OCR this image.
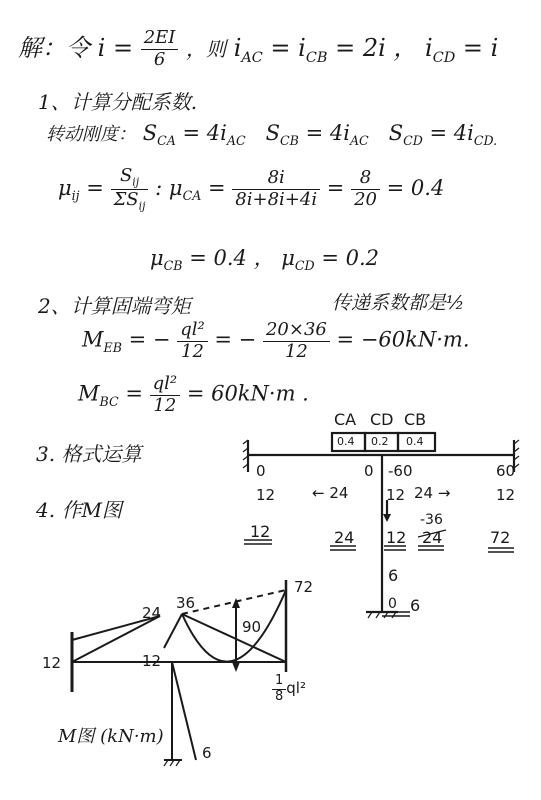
解：令 $i = \frac{2EI}{6}$ ，则 $i_{AC} = i_{CB} = 2i$ ， $i_{CD} = i$
1、计算分配系数.
转动刚度： $S_{CA} = 4i_{AC}$ $S_{CB} = 4i_{AC}$ $S_{CD} = 4i_{CD.}$
$\mu_{ij} = \frac{S_{ij}}{\Sigma S_{ij}}$ : $\mu_{CA} = \frac{8i}{8i+8i+4i} = \frac{8}{20} = 0.4$
$\mu_{CB} = 0.4$ ， $\mu_{CD} = 0.2$
2、计算固端弯矩	传递系数都是½
$M_{EB}$ = − $\frac{\text{ql²}}{12}$ = − $\frac{20\times 36}{12} = -60kN\cdot m$.
$M_{BC} = \frac{\text{ql²}}{12} = 60kN\cdot m$ .
3. 格式运算
4. 作M图
CA CD CB
0.4 0.2 0.4
0	0 -60	60
12 ← 24	12 24 →	12
-36
12	24 12 24	72
6
0 6
24
36
72
90
12	12
6
$\frac{1}{8} ql^2$
M图 (kN·m)
